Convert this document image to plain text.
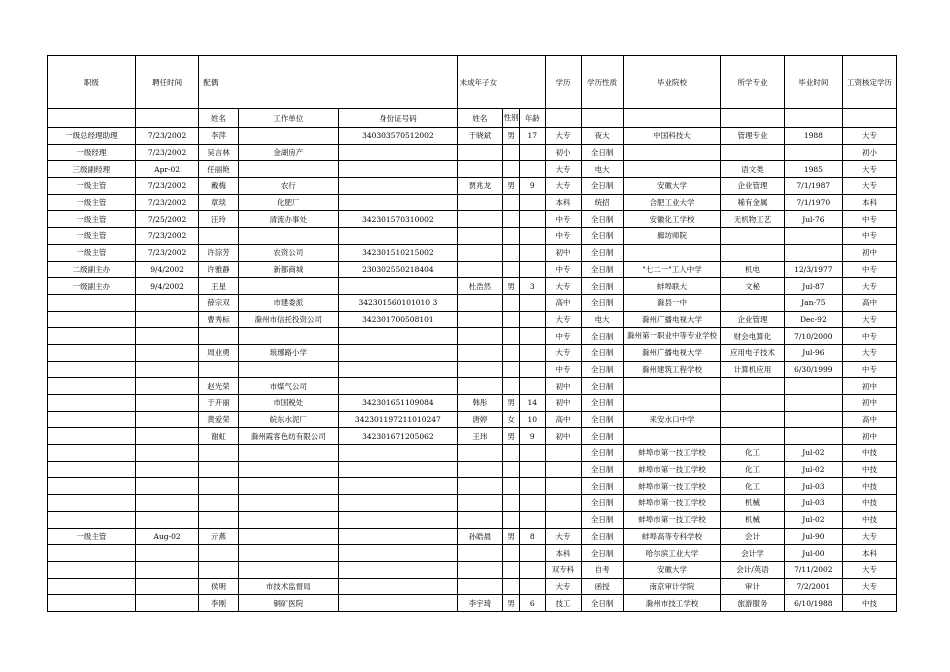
职级	聘任时间	配偶			未成年子女			学历	学历性质	毕业院校	所学专业	毕业时间	工资核定学历
		姓名	工作单位	身份证号码	姓名	性别	年龄						
一级总经理助理	7/23/2002	李萍		340303570512002	于晓斌	男	17	大专	夜大	中国科技大	管理专业	1988	大专
一级经理	7/23/2002	吴言林	金湖房产					初小	全日制				初小
三级副经理	Apr-02	任丽艳						大专	电大		语文类	1985	大专
一级主管	7/23/2002	戴梅	农行		贾兆龙	男	9	大专	全日制	安徽大学	企业管理	7/1/1987	大专
一级主管	7/23/2002	章琰	化肥厂					本科	统招	合肥工业大学	稀有金属	7/1/1970	本科
一级主管	7/25/2002	汪玲	清流办事处	342301570310002				中专	全日制	安徽化工学校	无机物工艺	Jul-76	中专
一级主管	7/23/2002							中专	全日制	廊坊师院			中专
一级主管	7/23/2002	许淙芳	农资公司	342301510215002				初中	全日制				初中
二级副主办	9/4/2002	许雅静	新都商城	230302550218404				中专	全日制	"七二一"工人中学	机电	12/3/1977	中专
一级副主办	9/4/2002	王星			杜浩然	男	3	大专	全日制	蚌埠联大	文秘	Jul-87	大专
		薛宗双	市建委派	342301560101010 3				高中	全日制	滁县一中		Jan-75	高中
		曹秀标	滁州市信托投资公司	342301700508101				大专	电大	滁州广播电视大学	企业管理	Dec-92	大专
								中专	全日制	滁州第一职业中等专业学校	财会电算化	7/10/2000	中专
		周业勇	琅琊路小学					大专	全日制	滁州广播电视大学	应用电子技术	Jul-96	大专
								中专	全日制	滁州建筑工程学校	计算机应用	6/30/1999	中专
		赵光荣	市煤气公司					初中	全日制				初中
		于开丽	市国税处	342301651109084	韩彤	男	14	初中	全日制				初中
		黄爱荣	皖东水泥厂	342301197211010247	唐婷	女	10	高中	全日制	来安水口中学			高中
		谢虹	滁州霞客色纺有限公司	342301671205062	王玮	男	9	初中	全日制				初中
									全日制	蚌埠市第一技工学校	化工	Jul-02	中技
									全日制	蚌埠市第一技工学校	化工	Jul-02	中技
									全日制	蚌埠市第一技工学校	化工	Jul-03	中技
									全日制	蚌埠市第一技工学校	机械	Jul-03	中技
									全日制	蚌埠市第一技工学校	机械	Jul-02	中技
一级主管	Aug-02	亓燕			孙皓晨	男	8	大专	全日制	蚌埠高等专科学校	会计	Jul-90	大专
								本科	全日制	哈尔滨工业大学	会计学	Jul-00	本科
								双专科	自考	安徽大学	会计/英语	7/11/2002	大专
		侯明	市技术监督局					大专	函授	南京审计学院	审计	7/2/2001	大专
		李刚	铜矿医院		李宇琦	男	6	技工	全日制	滁州市技工学校	旅游服务	6/10/1988	中技
